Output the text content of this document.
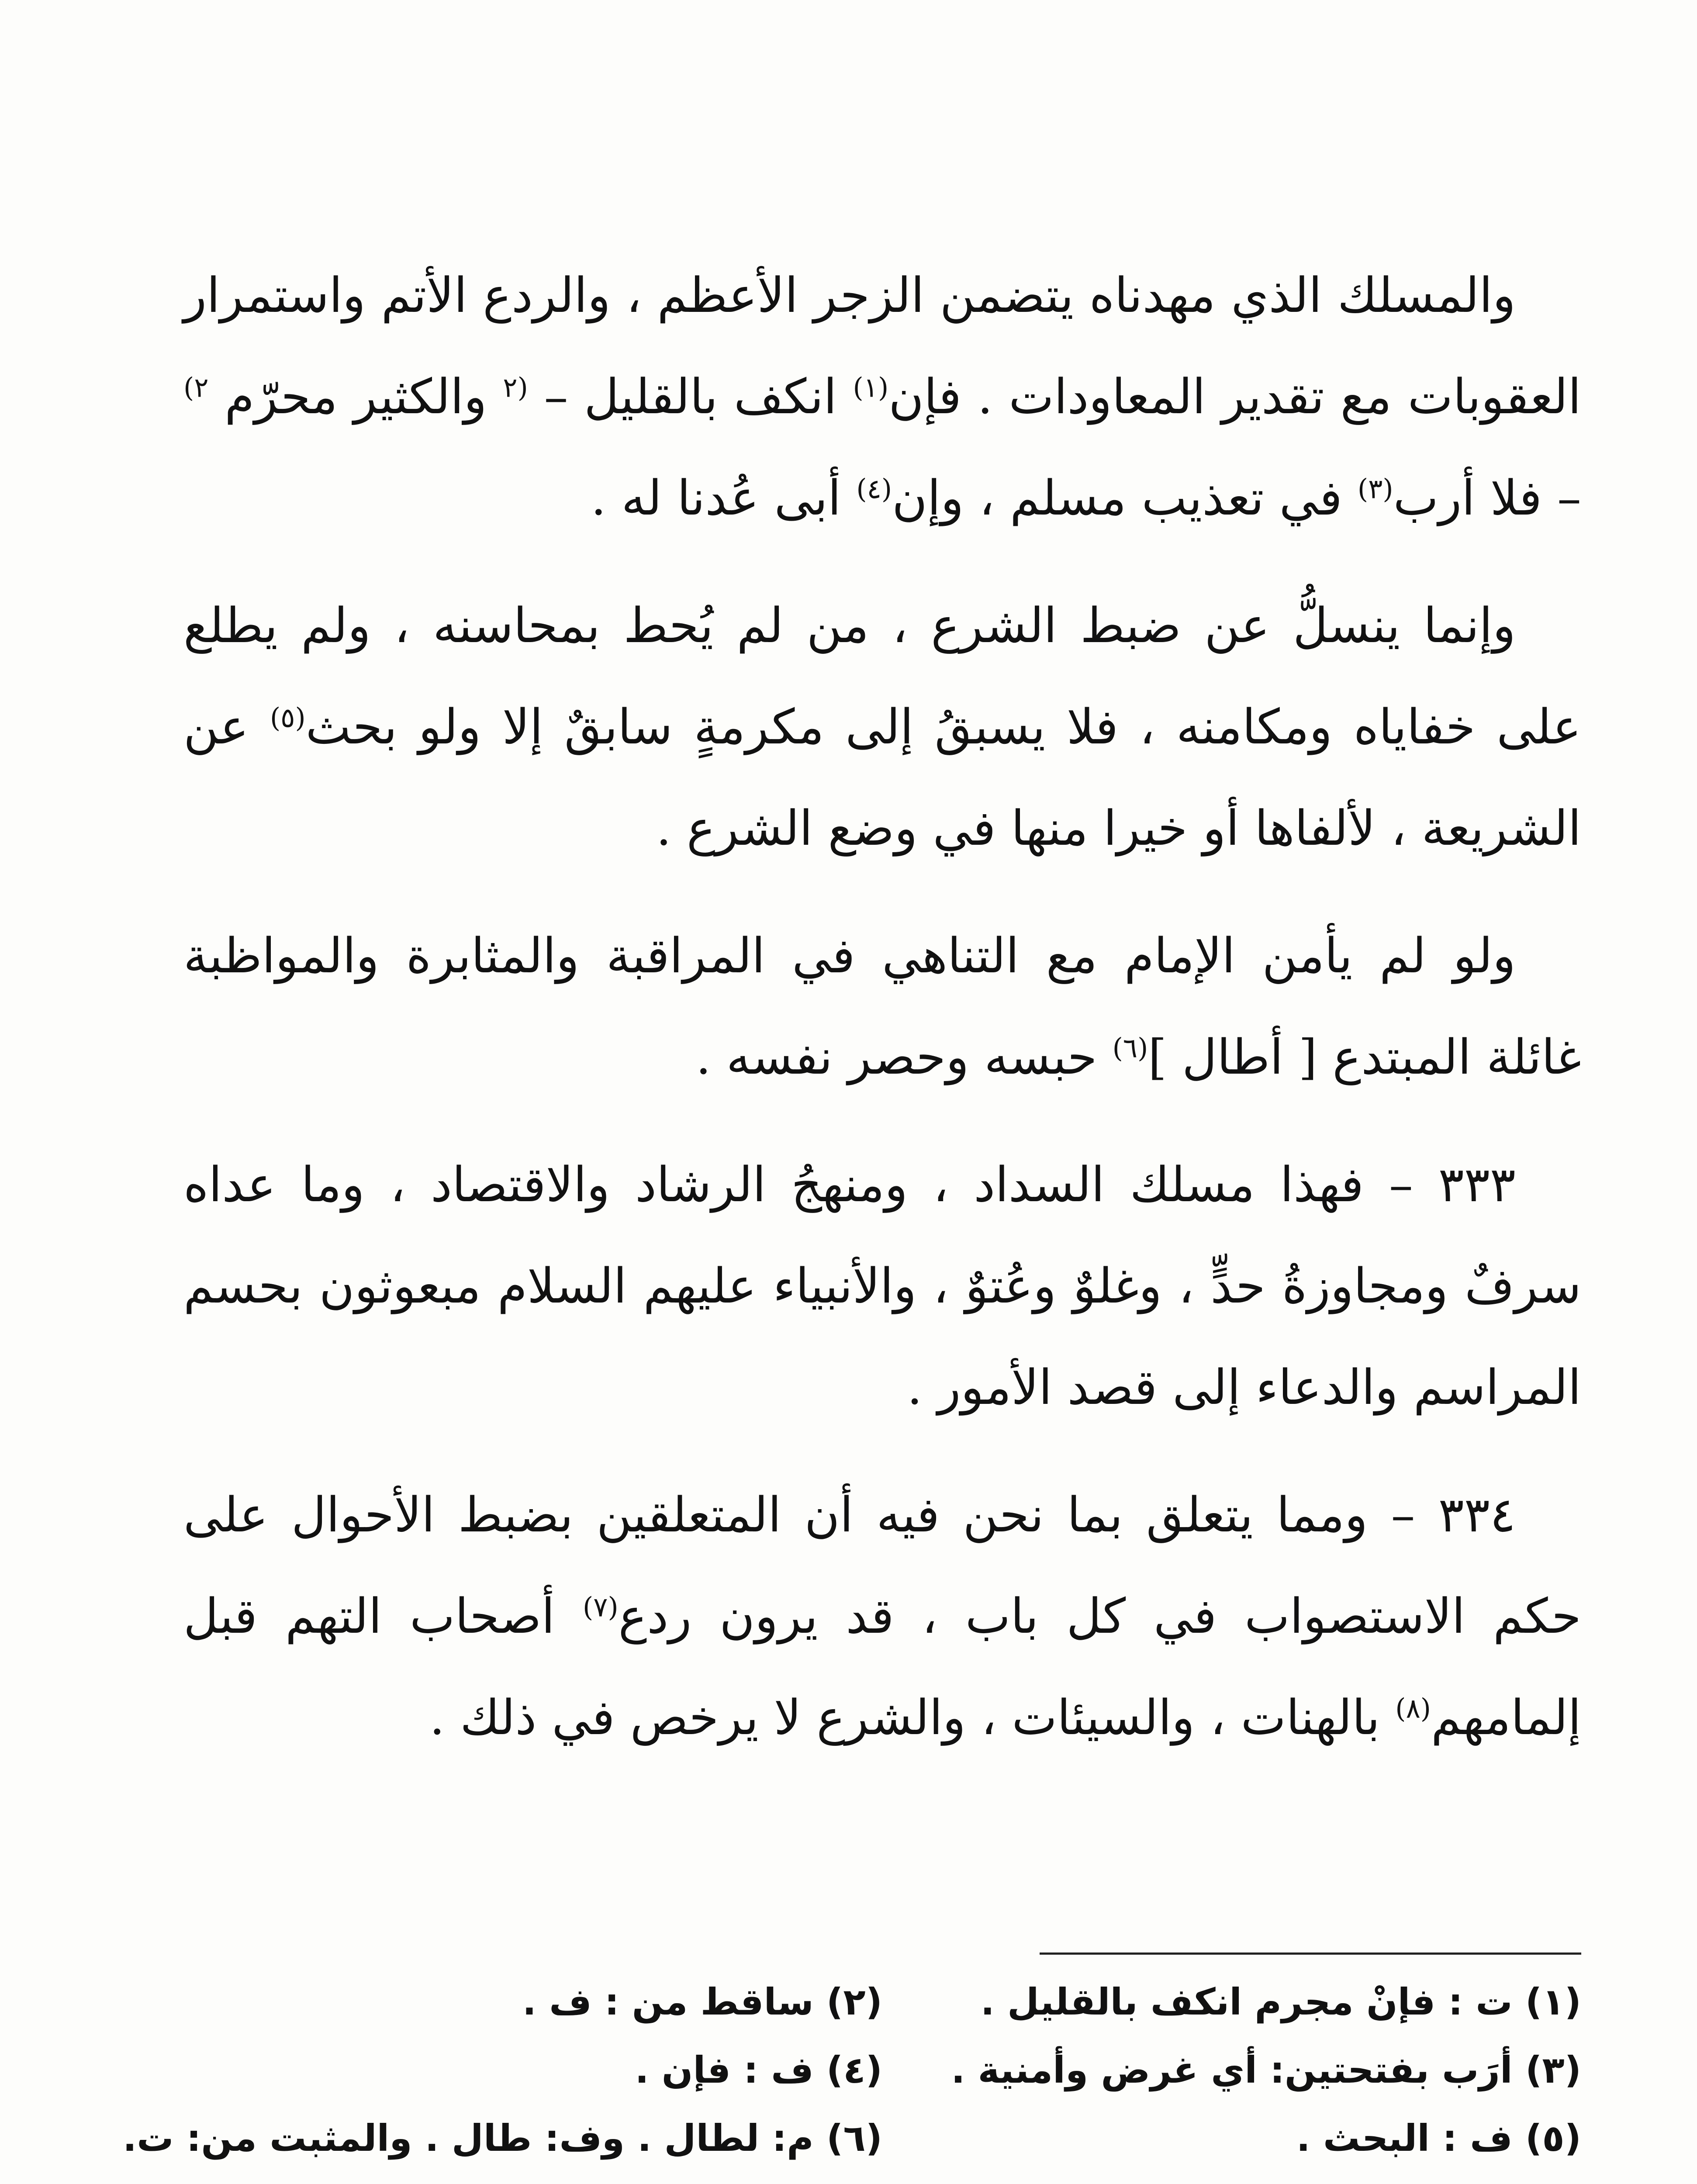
والمسلك الذي مهدناه يتضمن الزجر الأعظم ، والردع الأتم واستمرار العقوبات مع تقدير المعاودات . فإن$^{(١)}$ انكف بالقليل – $^{(٢}$ والكثير محرّم $^{٢)}$ – فلا أرب$^{(٣)}$ في تعذيب مسلم ، وإن$^{(٤)}$ أبى عُدنا له .

وإنما ينسلُّ عن ضبط الشرع ، من لم يُحط بمحاسنه ، ولم يطلع على خفاياه ومكامنه ، فلا يسبقُ إلى مكرمةٍ سابقٌ إلا ولو بحث$^{(٥)}$ عن الشريعة ، لألفاها أو خيرا منها في وضع الشرع .

ولو لم يأمن الإمام مع التناهي في المراقبة والمثابرة والمواظبة غائلة المبتدع [ أطال ]$^{(٦)}$ حبسه وحصر نفسه .

٣٣٣ – فهذا مسلك السداد ، ومنهجُ الرشاد والاقتصاد ، وما عداه سرفٌ ومجاوزةُ حدٍّ ، وغلوٌ وعُتوٌ ، والأنبياء عليهم السلام مبعوثون بحسم المراسم والدعاء إلى قصد الأمور .

٣٣٤ – ومما يتعلق بما نحن فيه أن المتعلقين بضبط الأحوال على حكم الاستصواب في كل باب ، قد يرون ردع$^{(٧)}$ أصحاب التهم قبل إلمامهم$^{(٨)}$ بالهنات ، والسيئات ، والشرع لا يرخص في ذلك .

(١) ت : فإنْ مجرم انكف بالقليل .
(٢) ساقط من : ف .
(٣) أرَب بفتحتين: أي غرض وأمنية .
(٤) ف : فإن .
(٥) ف : البحث .
(٦) م: لطال . وف: طال . والمثبت من: ت.
